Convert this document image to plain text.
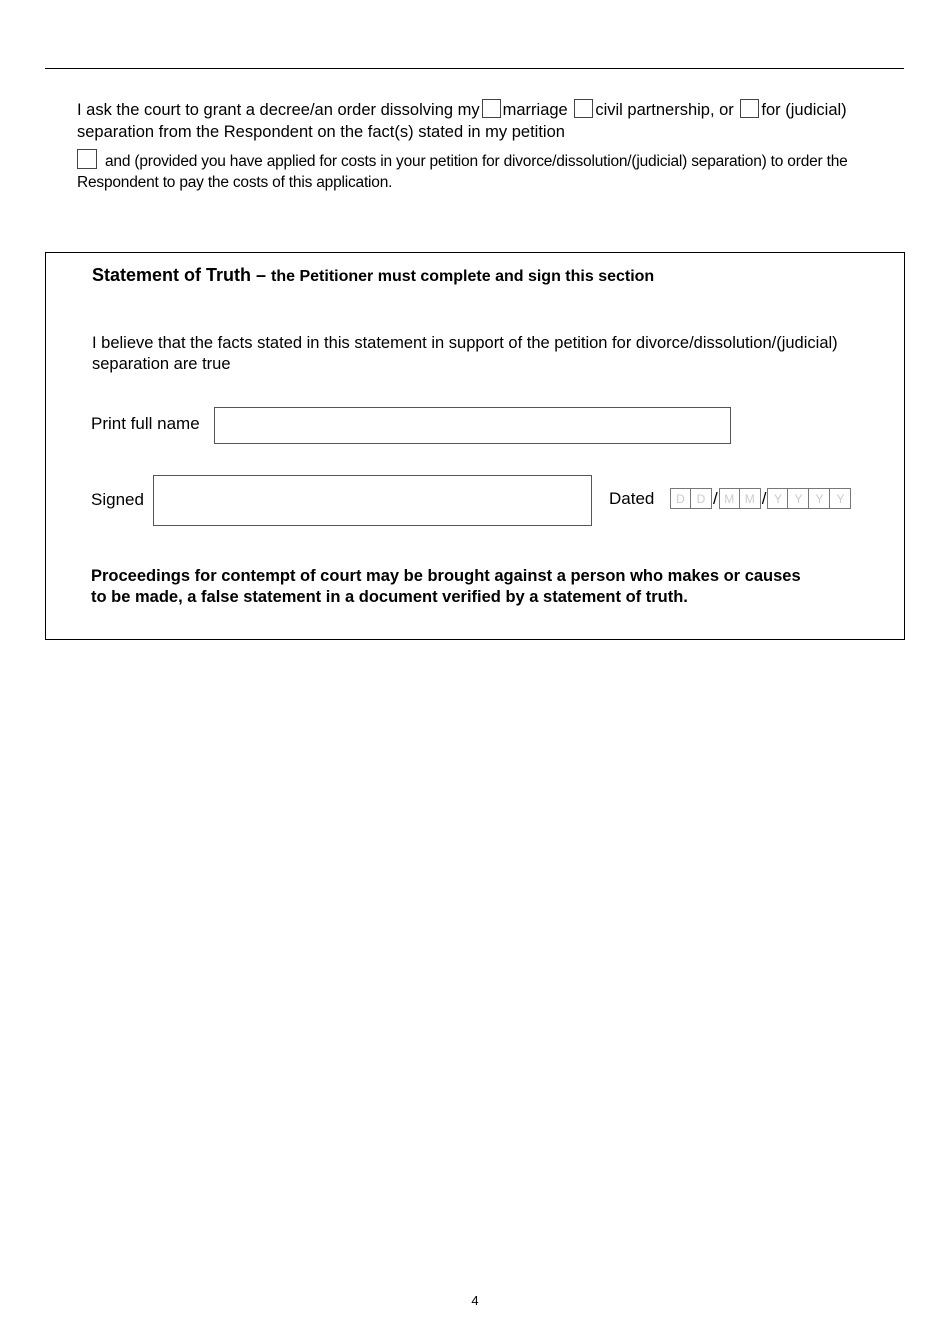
I ask the court to grant a decree/an order dissolving my marriage civil partnership, or for (judicial)
separation from the Respondent on the fact(s) stated in my petition
and (provided you have applied for costs in your petition for divorce/dissolution/(judicial) separation) to order the Respondent to pay the costs of this application.
Statement of Truth – the Petitioner must complete and sign this section
I believe that the facts stated in this statement in support of the petition for divorce/dissolution/(judicial) separation are true
Print full name
Signed	Dated	D D / M M / Y	Y	Y	Y
Proceedings for contempt of court may be brought against a person who makes or causes to be made, a false statement in a document verified by a statement of truth.
4
